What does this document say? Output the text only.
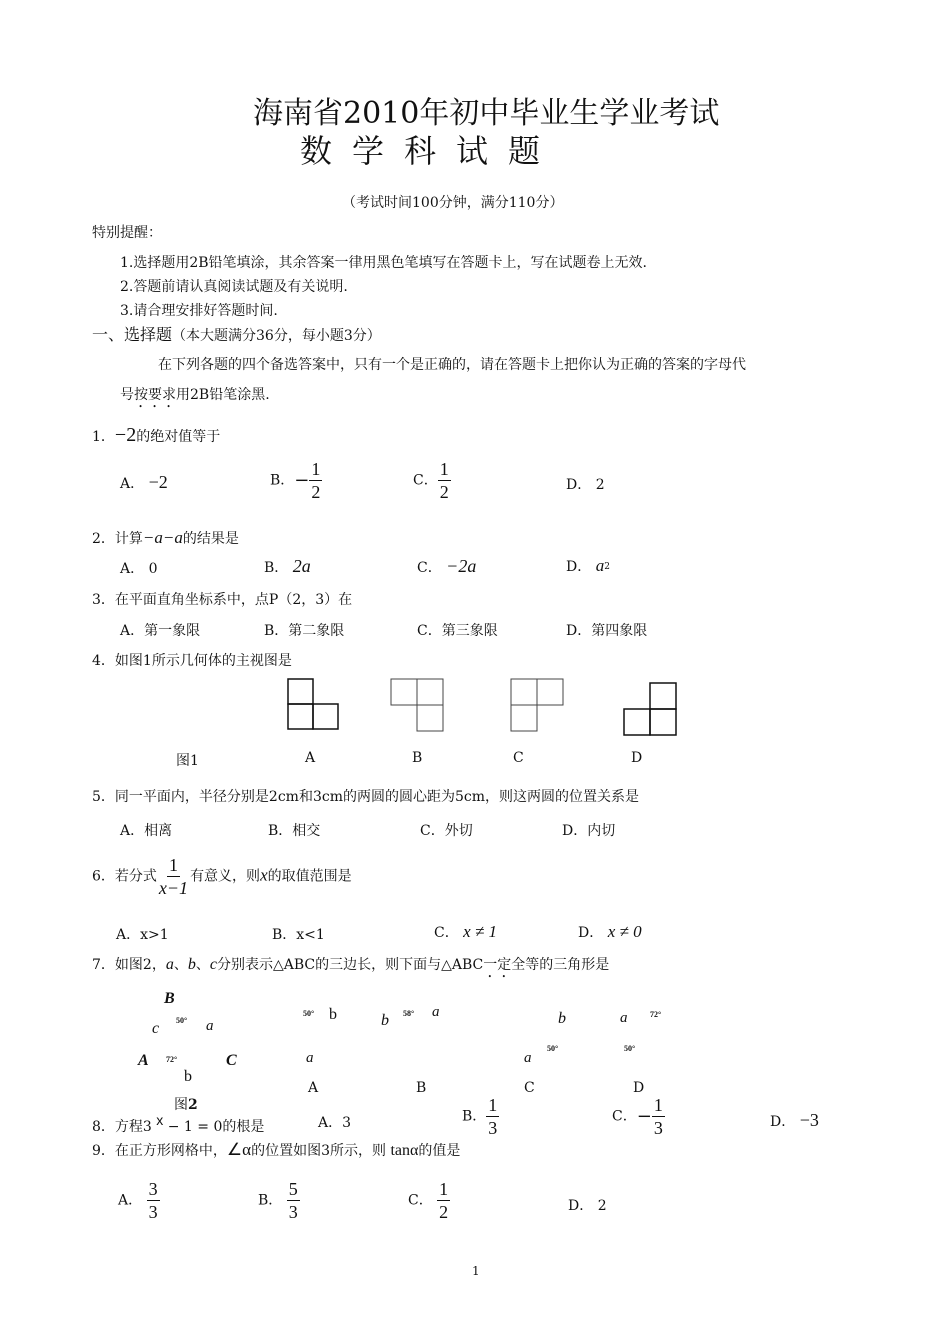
海南省2010年初中毕业生学业考试
数学科试题
（考试时间100分钟，满分110分）
特别提醒：
1.选择题用2B铅笔填涂，其余答案一律用黑色笔填写在答题卡上，写在试题卷上无效.
2.答题前请认真阅读试题及有关说明.
3.请合理安排好答题时间.
一、选择题（本大题满分36分，每小题3分）
在下列各题的四个备选答案中，只有一个是正确的，请在答题卡上把你认为正确的答案的字母代
号按要求用2B铅笔涂黑.
1．−2的绝对值等于
A． −2	B．− $\frac{1}{2}$	C． $\frac{1}{2}$	D． 2
2．计算−a−a的结果是
A． 0	B． 2a	C． −2a	D． a2
3．在平面直角坐标系中，点P（2，3）在
A．第一象限	B．第二象限	C．第三象限	D．第四象限
4．如图1所示几何体的主视图是
图1	A	B	C	D
5．同一平面内，半径分别是2cm和3cm的两圆的圆心距为5cm，则这两圆的位置关系是
A．相离	B．相交	C．外切	D．内切
6．若分式 $\frac{1}{x-1}$ 有意义，则x的取值范围是
A．x>1	B．x<1	C． x ≠ 1	D． x ≠ 0
7．如图2，a、b、c分别表示△ABC的三边长，则下面与△ABC一定全等的三角形是
B
c 50° a
A 72°	C
b
50° b
a
b 58° a	b
a
50°
a	72°
50°
A	B	C	D
图2
8．方程3 x − 1 = 0的根是	A．3	B． $\frac{1}{3}$	C．− $\frac{1}{3}$	D． −3
9．在正方形网格中，∠α的位置如图3所示，则 tanα的值是
A． $\frac{3}{3}$	B． $\frac{5}{3}$	C． $\frac{1}{2}$	D． 2
1
